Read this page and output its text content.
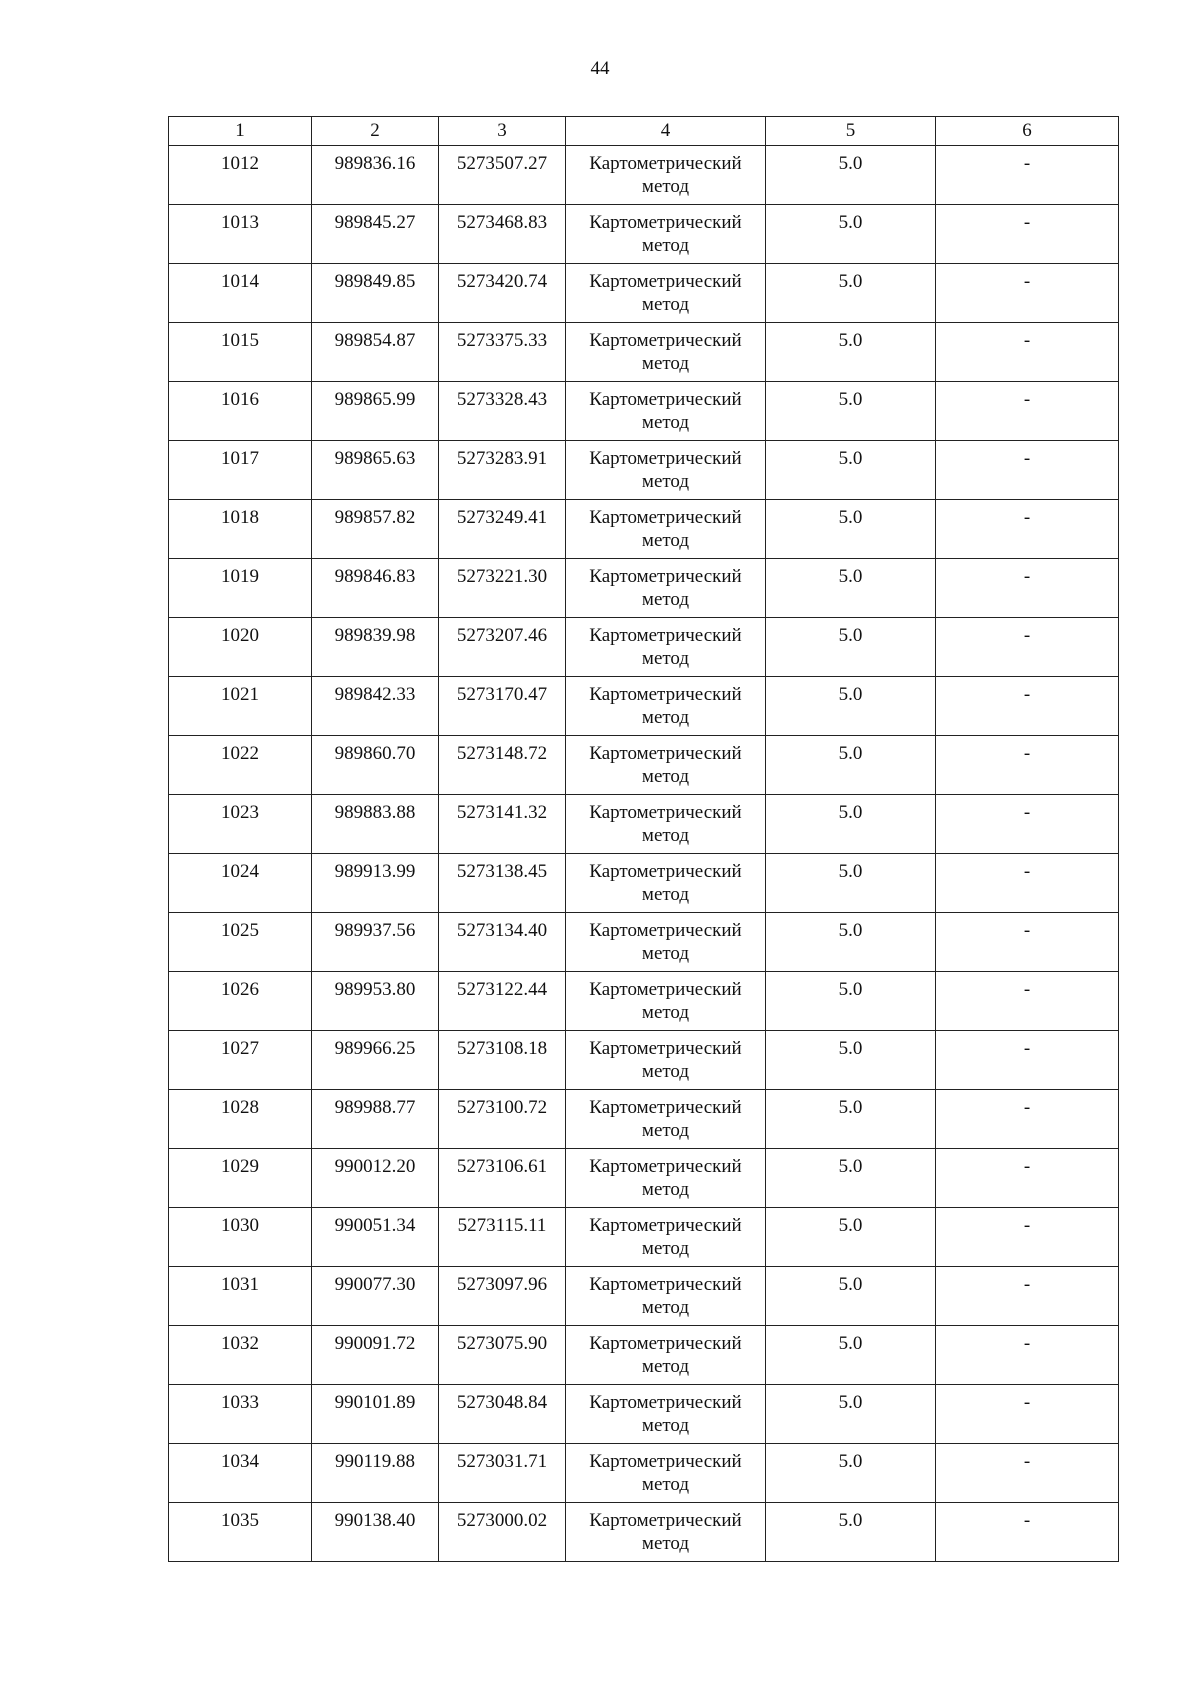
44
1	2	3	4	5	6
1012	989836.16	5273507.27	Картометрический метод	5.0	-
1013	989845.27	5273468.83	Картометрический метод	5.0	-
1014	989849.85	5273420.74	Картометрический метод	5.0	-
1015	989854.87	5273375.33	Картометрический метод	5.0	-
1016	989865.99	5273328.43	Картометрический метод	5.0	-
1017	989865.63	5273283.91	Картометрический метод	5.0	-
1018	989857.82	5273249.41	Картометрический метод	5.0	-
1019	989846.83	5273221.30	Картометрический метод	5.0	-
1020	989839.98	5273207.46	Картометрический метод	5.0	-
1021	989842.33	5273170.47	Картометрический метод	5.0	-
1022	989860.70	5273148.72	Картометрический метод	5.0	-
1023	989883.88	5273141.32	Картометрический метод	5.0	-
1024	989913.99	5273138.45	Картометрический метод	5.0	-
1025	989937.56	5273134.40	Картометрический метод	5.0	-
1026	989953.80	5273122.44	Картометрический метод	5.0	-
1027	989966.25	5273108.18	Картометрический метод	5.0	-
1028	989988.77	5273100.72	Картометрический метод	5.0	-
1029	990012.20	5273106.61	Картометрический метод	5.0	-
1030	990051.34	5273115.11	Картометрический метод	5.0	-
1031	990077.30	5273097.96	Картометрический метод	5.0	-
1032	990091.72	5273075.90	Картометрический метод	5.0	-
1033	990101.89	5273048.84	Картометрический метод	5.0	-
1034	990119.88	5273031.71	Картометрический метод	5.0	-
1035	990138.40	5273000.02	Картометрический метод	5.0	-
